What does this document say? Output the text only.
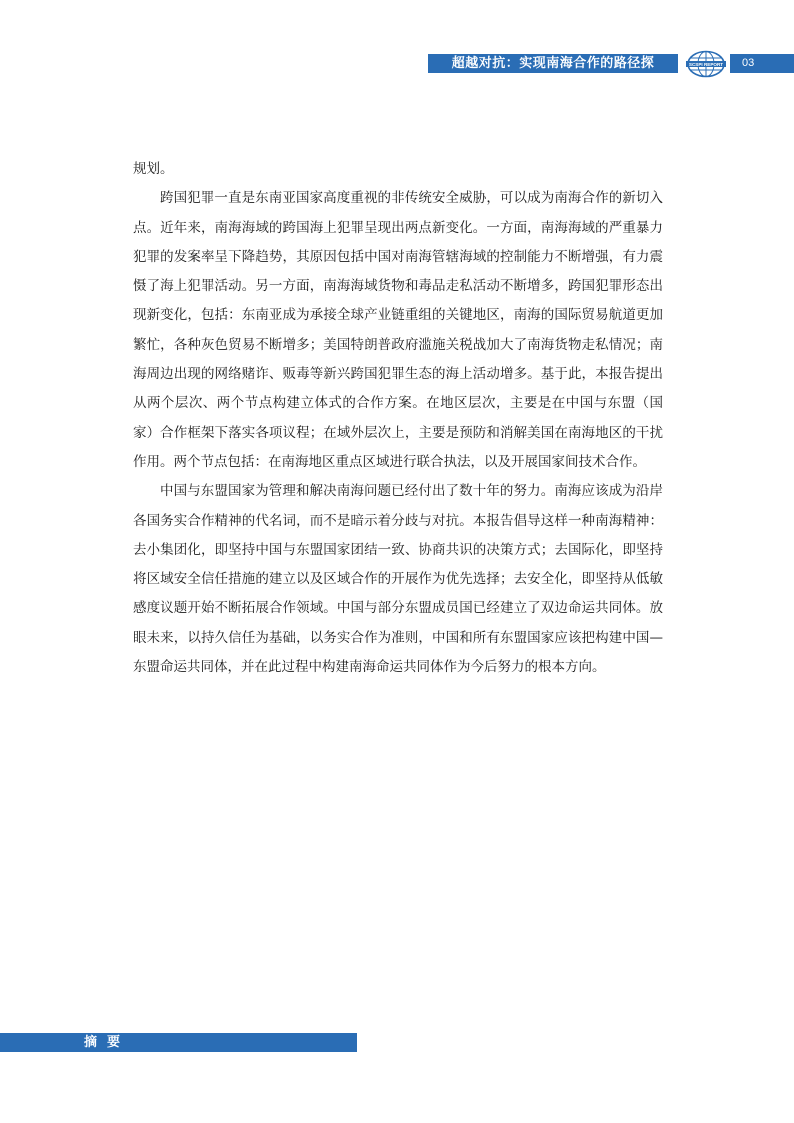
超越对抗：实现南海合作的路径探	SCSPI REPORT	03

规划。

跨国犯罪一直是东南亚国家高度重视的非传统安全威胁，可以成为南海合作的新切入点。近年来，南海海域的跨国海上犯罪呈现出两点新变化。一方面，南海海域的严重暴力犯罪的发案率呈下降趋势，其原因包括中国对南海管辖海域的控制能力不断增强，有力震慑了海上犯罪活动。另一方面，南海海域货物和毒品走私活动不断增多，跨国犯罪形态出现新变化，包括：东南亚成为承接全球产业链重组的关键地区，南海的国际贸易航道更加繁忙，各种灰色贸易不断增多；美国特朗普政府滥施关税战加大了南海货物走私情况；南海周边出现的网络赌诈、贩毒等新兴跨国犯罪生态的海上活动增多。基于此，本报告提出从两个层次、两个节点构建立体式的合作方案。在地区层次，主要是在中国与东盟（国家）合作框架下落实各项议程；在域外层次上，主要是预防和消解美国在南海地区的干扰作用。两个节点包括：在南海地区重点区域进行联合执法，以及开展国家间技术合作。

中国与东盟国家为管理和解决南海问题已经付出了数十年的努力。南海应该成为沿岸各国务实合作精神的代名词，而不是暗示着分歧与对抗。本报告倡导这样一种南海精神：去小集团化，即坚持中国与东盟国家团结一致、协商共识的决策方式；去国际化，即坚持将区域安全信任措施的建立以及区域合作的开展作为优先选择；去安全化，即坚持从低敏感度议题开始不断拓展合作领域。中国与部分东盟成员国已经建立了双边命运共同体。放眼未来，以持久信任为基础，以务实合作为准则，中国和所有东盟国家应该把构建中国—东盟命运共同体，并在此过程中构建南海命运共同体作为今后努力的根本方向。

摘要
